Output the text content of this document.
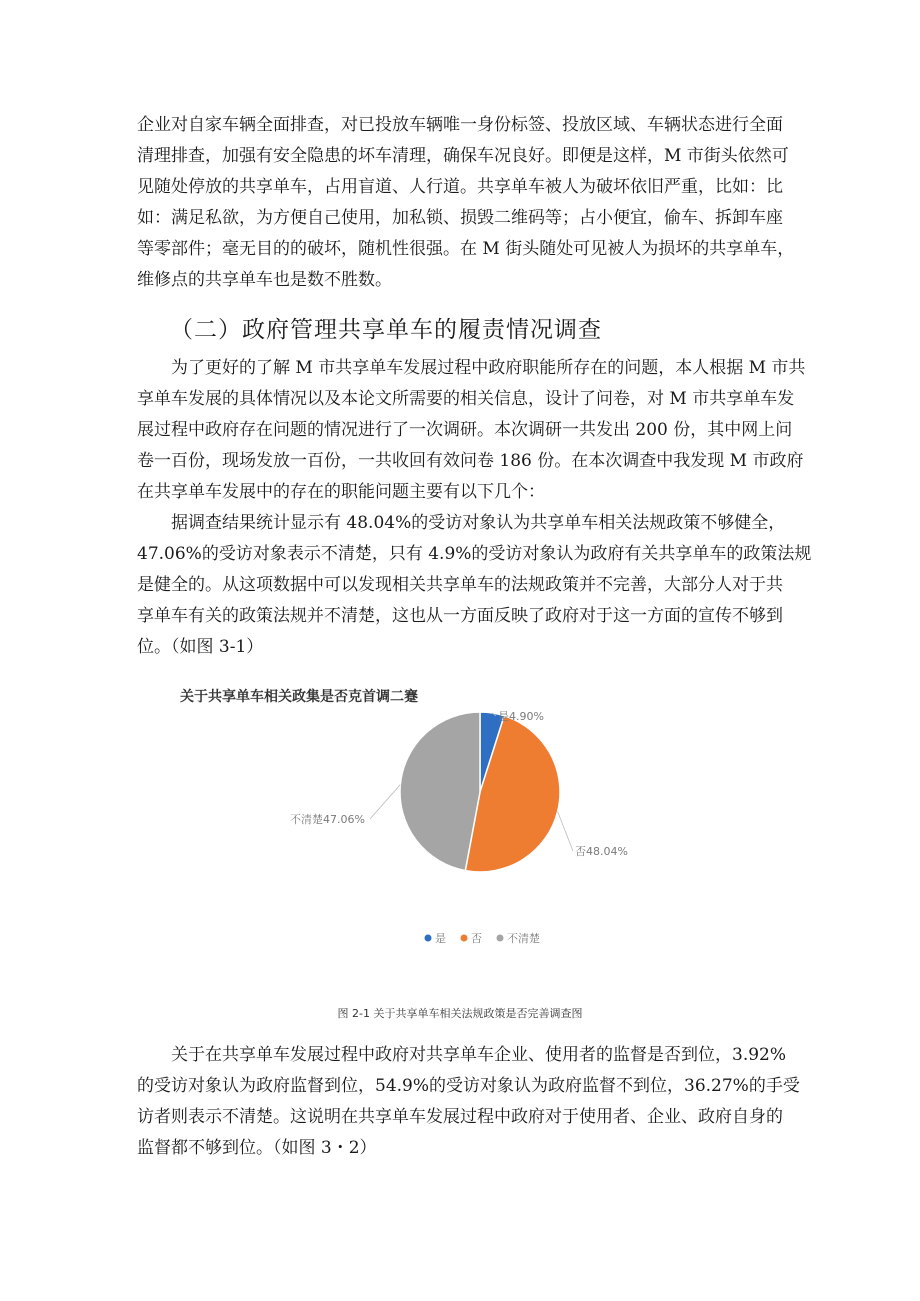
企业对自家车辆全面排查，对已投放车辆唯一身份标签、投放区域、车辆状态进行全面
清理排查，加强有安全隐患的坏车清理，确保车况良好。即便是这样，M 市街头依然可
见随处停放的共享单车，占用盲道、人行道。共享单车被人为破坏依旧严重，比如：比
如：满足私欲，为方便自己使用，加私锁、损毁二维码等；占小便宜，偷车、拆卸车座
等零部件；毫无目的的破坏，随机性很强。在 M 街头随处可见被人为损坏的共享单车，
维修点的共享单车也是数不胜数。

（二）政府管理共享单车的履责情况调查

　　为了更好的了解 M 市共享单车发展过程中政府职能所存在的问题，本人根据 M 市共
享单车发展的具体情况以及本论文所需要的相关信息，设计了问卷，对 M 市共享单车发
展过程中政府存在问题的情况进行了一次调研。本次调研一共发出 200 份，其中网上问
卷一百份，现场发放一百份，一共收回有效问卷 186 份。在本次调查中我发现 M 市政府
在共享单车发展中的存在的职能问题主要有以下几个：

　　据调查结果统计显示有 48.04%的受访对象认为共享单车相关法规政策不够健全，
47.06%的受访对象表示不清楚，只有 4.9%的受访对象认为政府有关共享单车的政策法规
是健全的。从这项数据中可以发现相关共享单车的法规政策并不完善，大部分人对于共
享单车有关的政策法规并不清楚，这也从一方面反映了政府对于这一方面的宣传不够到
位。（如图 3-1）

关于共享单车相关政集是否克首调二蹇
是4.90%
否48.04%
不清楚47.06%
是 否 不清楚
图 2-1 关于共享单车相关法规政策是否完善调查图

　　关于在共享单车发展过程中政府对共享单车企业、使用者的监督是否到位，3.92%
的受访对象认为政府监督到位，54.9%的受访对象认为政府监督不到位，36.27%的手受
访者则表示不清楚。这说明在共享单车发展过程中政府对于使用者、企业、政府自身的
监督都不够到位。（如图 3・2）
